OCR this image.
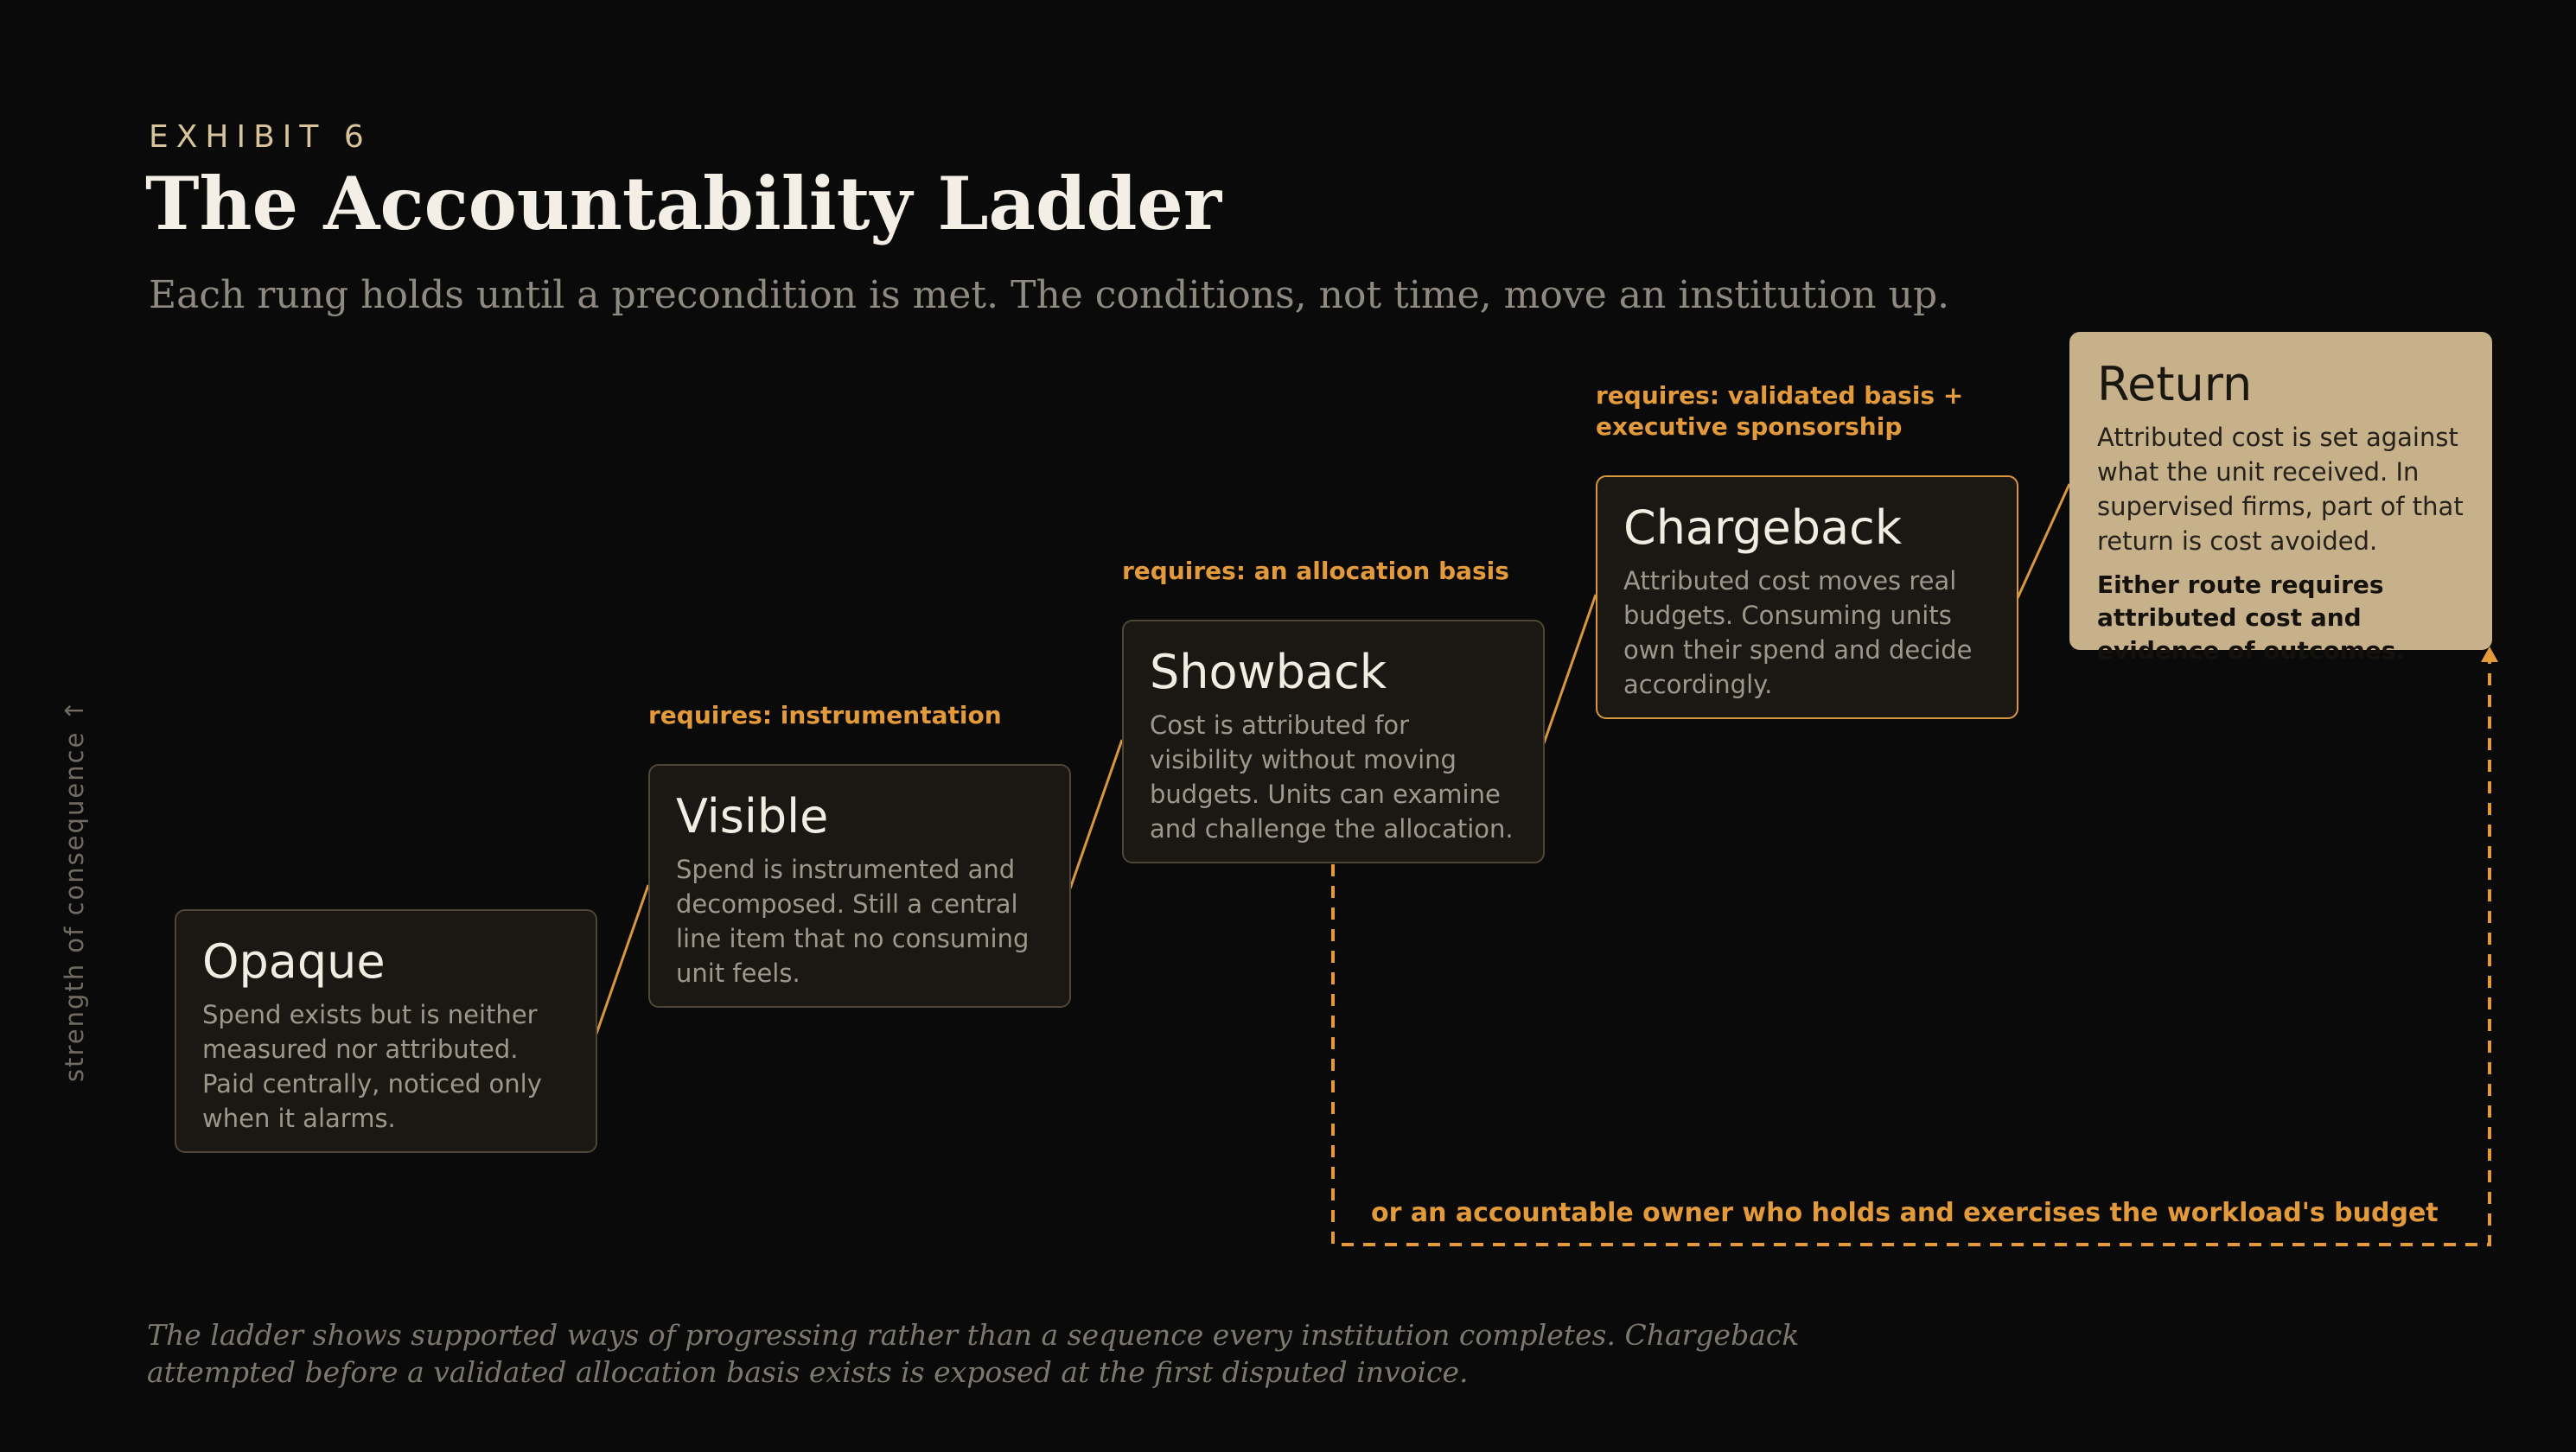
EXHIBIT 6
The Accountability Ladder
Each rung holds until a precondition is met. The conditions, not time, move an institution up.
strength of consequence ↑ Opaque
Spend exists but is neither measured nor attributed. Paid centrally, noticed only when it alarms.
Visible
Spend is instrumented and decomposed. Still a central line item that no consuming unit feels.
Showback
Cost is attributed for visibility without moving budgets. Units can examine and challenge the allocation.
Chargeback
Attributed cost moves real budgets. Consuming units own their spend and decide accordingly.
Return
Attributed cost is set against what the unit received. In supervised firms, part of that return is cost avoided.
Either route requires attributed cost and evidence of outcomes.
requires: instrumentation
requires: an allocation basis
requires: validated basis + executive sponsorship
or an accountable owner who holds and exercises the workload's budget
The ladder shows supported ways of progressing rather than a sequence every institution completes. Chargeback attempted before a validated allocation basis exists is exposed at the first disputed invoice.
